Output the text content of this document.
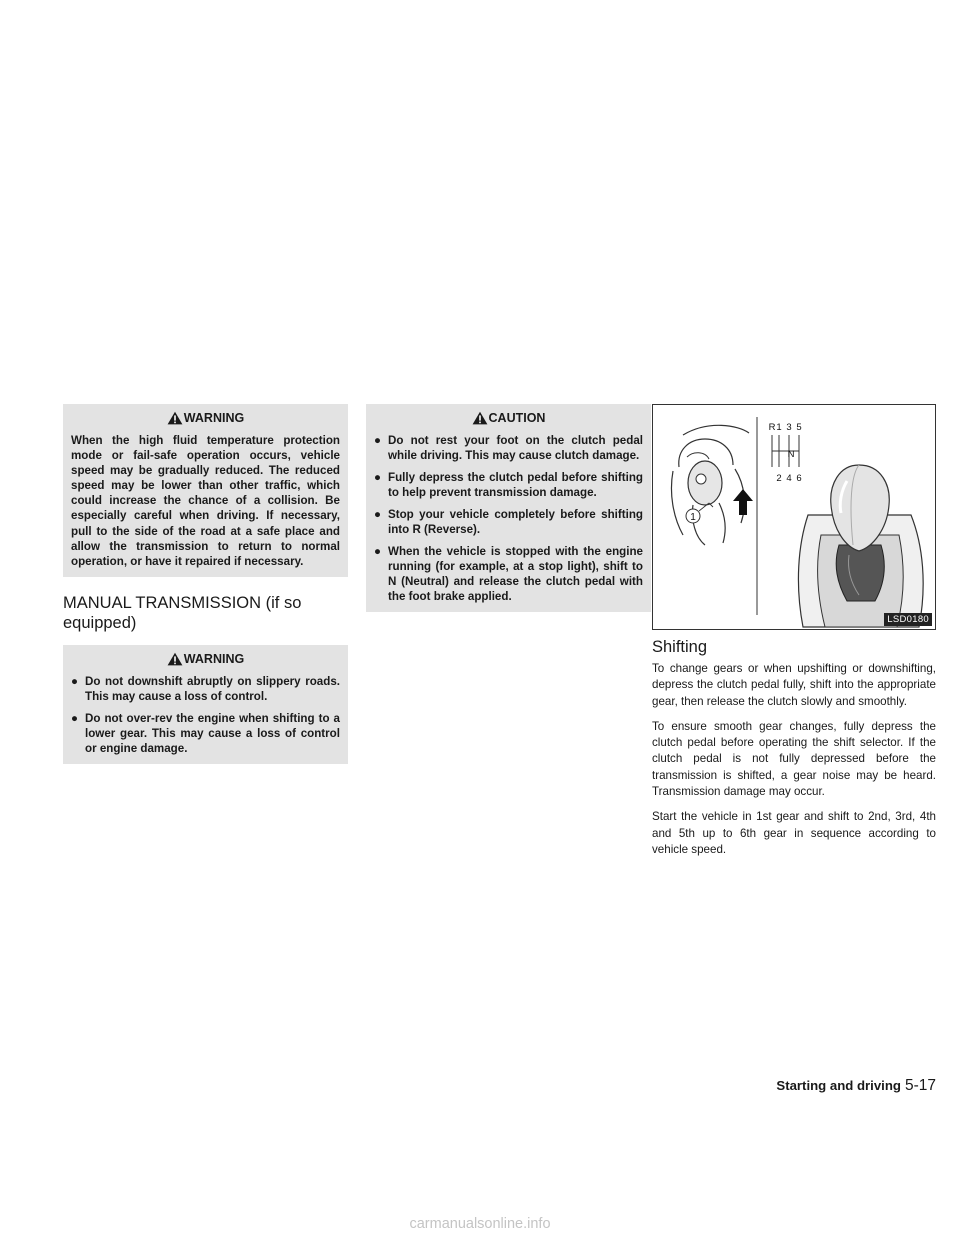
WARNING

When the high fluid temperature protection mode or fail-safe operation occurs, vehicle speed may be gradually reduced. The reduced speed may be lower than other traffic, which could increase the chance of a collision. Be especially careful when driving. If necessary, pull to the side of the road at a safe place and allow the transmission to return to normal operation, or have it repaired if necessary.

MANUAL TRANSMISSION (if so equipped)
WARNING
● Do not downshift abruptly on slippery roads. This may cause a loss of control.
● Do not over-rev the engine when shifting to a lower gear. This may cause a loss of control or engine damage.
CAUTION
● Do not rest your foot on the clutch pedal while driving. This may cause clutch damage.
● Fully depress the clutch pedal before shifting to help prevent transmission damage.
● Stop your vehicle completely before shifting into R (Reverse).
● When the vehicle is stopped with the engine running (for example, at a stop light), shift to N (Neutral) and release the clutch pedal with the foot brake applied.
1
R 1 3 5
N
2 4 6
LSD0180
Shifting

To change gears or when upshifting or downshifting, depress the clutch pedal fully, shift into the appropriate gear, then release the clutch slowly and smoothly.

To ensure smooth gear changes, fully depress the clutch pedal before operating the shift selector. If the clutch pedal is not fully depressed before the transmission is shifted, a gear noise may be heard. Transmission damage may occur.

Start the vehicle in 1st gear and shift to 2nd, 3rd, 4th and 5th up to 6th gear in sequence according to vehicle speed.

Starting and driving 5-17
carmanualsonline.info
